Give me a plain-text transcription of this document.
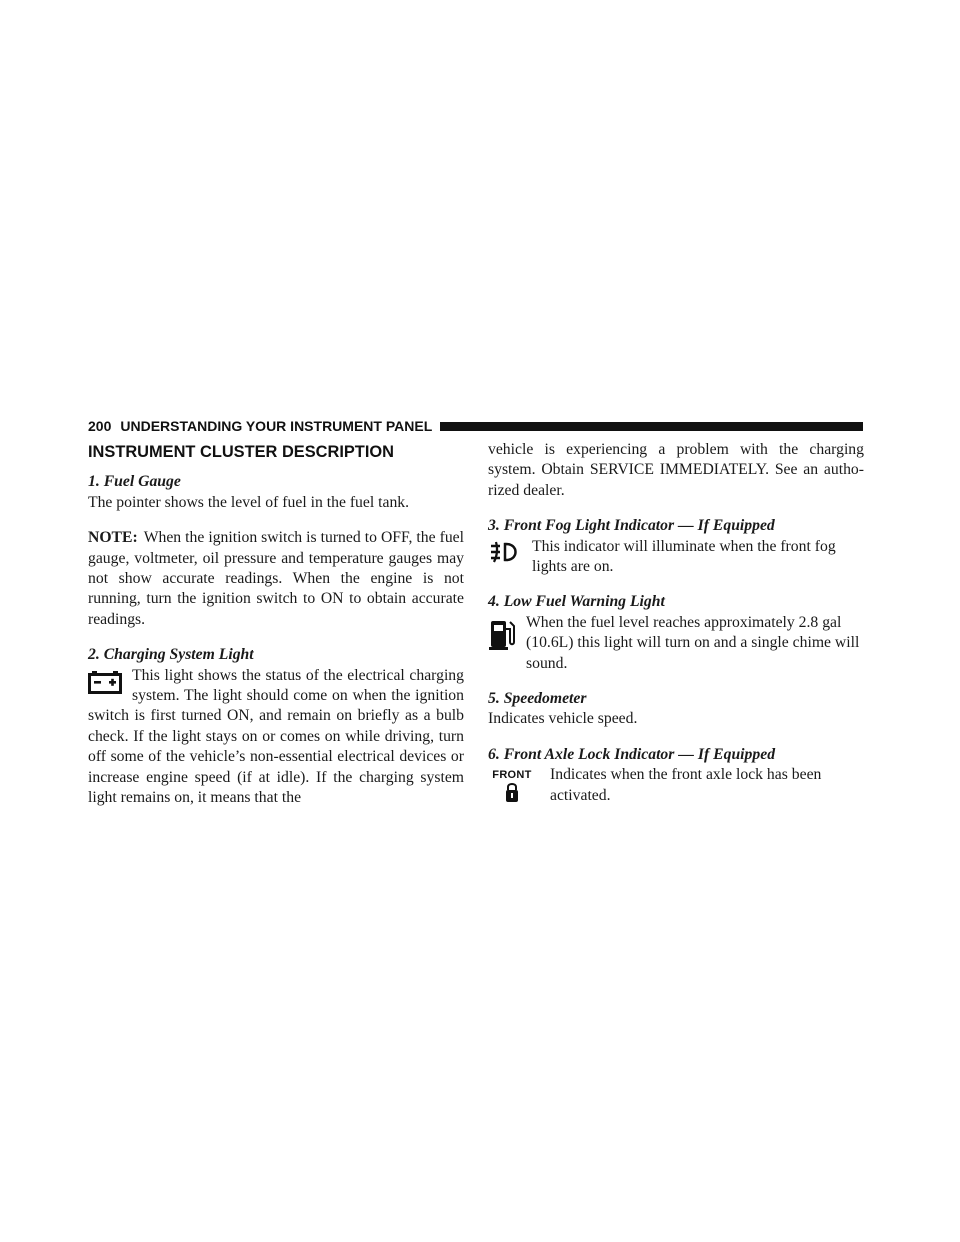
200 UNDERSTANDING YOUR INSTRUMENT PANEL
INSTRUMENT CLUSTER DESCRIPTION

1. Fuel Gauge

The pointer shows the level of fuel in the fuel tank.

NOTE: When the ignition switch is turned to OFF, the fuel gauge, voltmeter, oil pressure and temperature gauges may not show accurate readings. When the engine is not running, turn the ignition switch to ON to obtain accurate readings.

2. Charging System Light

This light shows the status of the electrical charging system. The light should come on when the ignition switch is first turned ON, and remain on briefly as a bulb check. If the light stays on or comes on while driving, turn off some of the vehicle’s non-essential electrical devices or increase engine speed (if at idle). If the charging system light remains on, it means that the

vehicle is experiencing a problem with the charging system. Obtain SERVICE IMMEDIATELY. See an authorized dealer.

3. Front Fog Light Indicator — If Equipped

This indicator will illuminate when the front fog lights are on.

4. Low Fuel Warning Light

When the fuel level reaches approximately 2.8 gal (10.6L) this light will turn on and a single chime will sound.

5. Speedometer

Indicates vehicle speed.

6. Front Axle Lock Indicator — If Equipped

FRONT Indicates when the front axle lock has been activated.
